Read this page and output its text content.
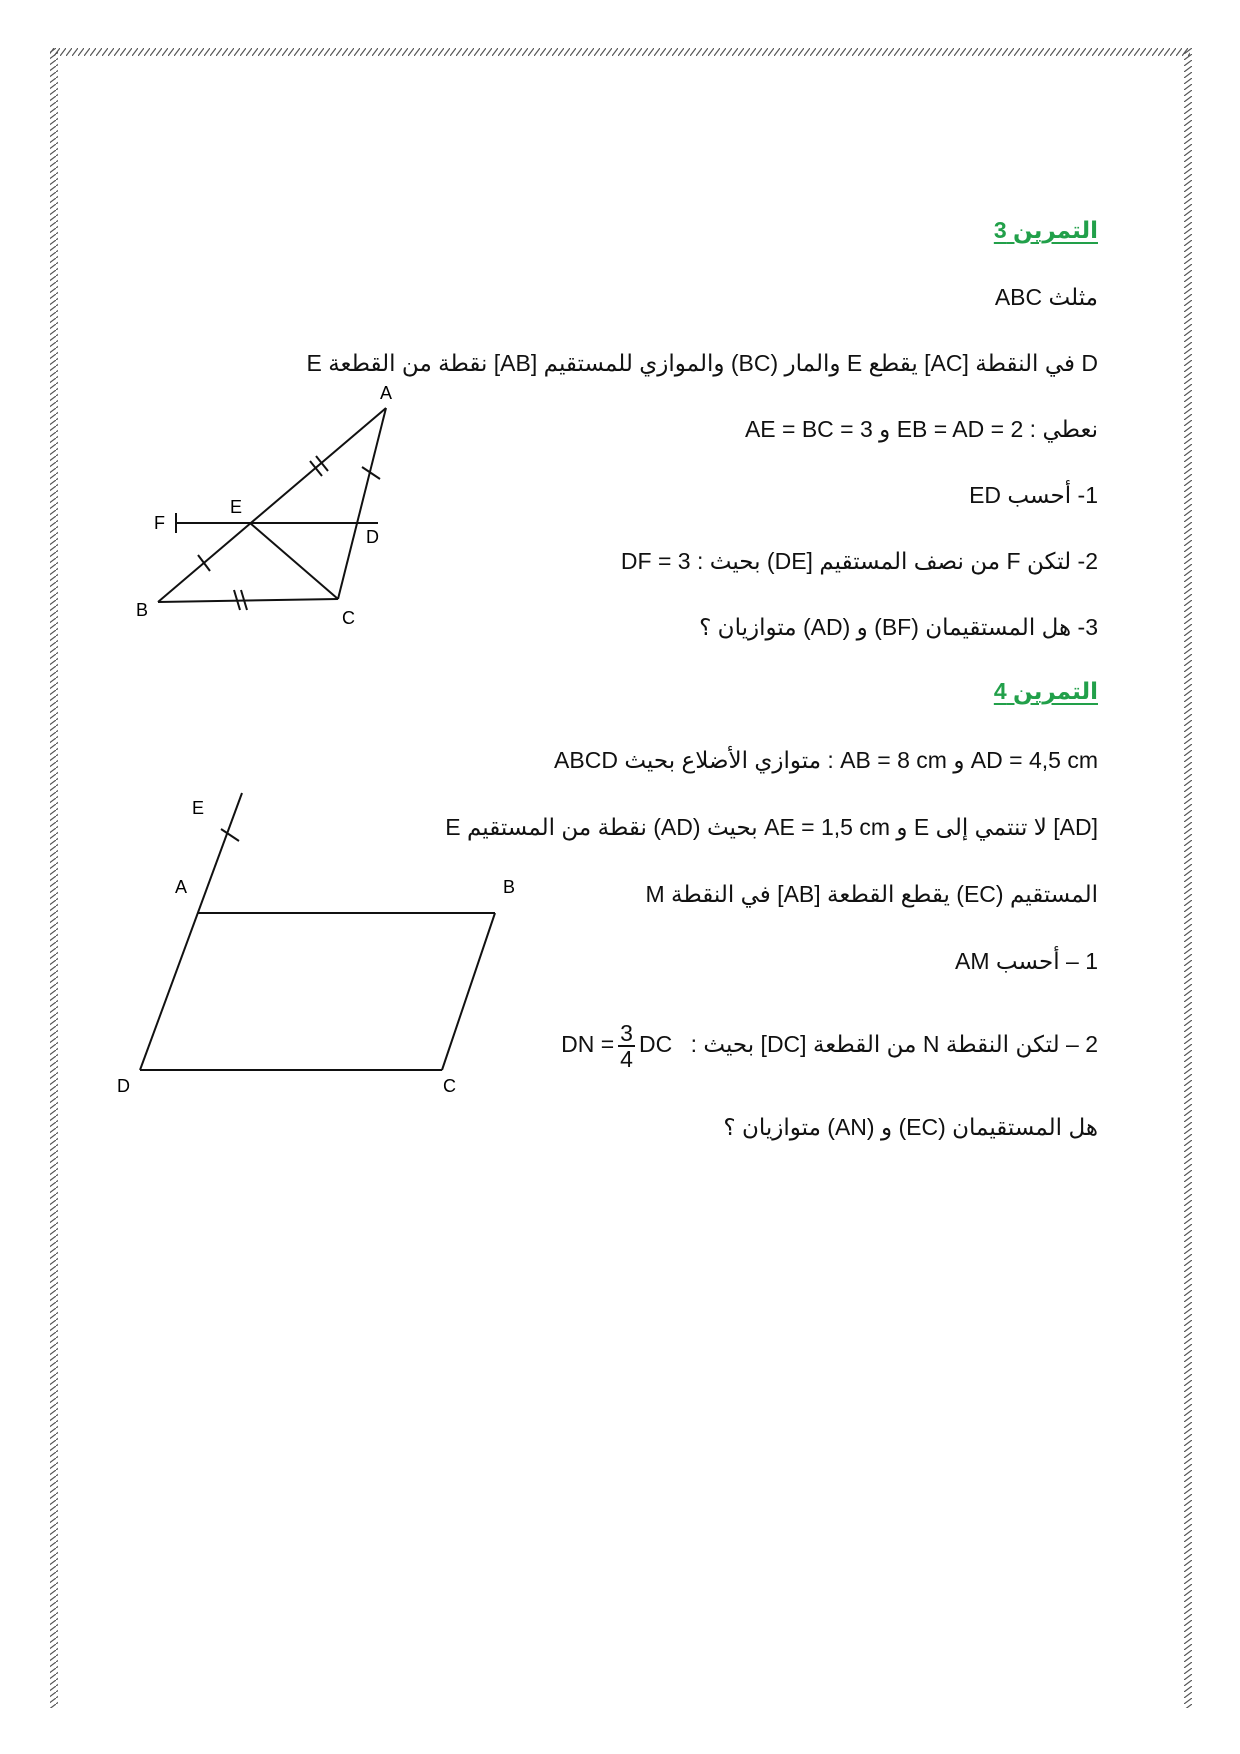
التمرين 3
ABC مثلث
E نقطة من القطعة [AB] والموازي للمستقيم (BC) والمار E يقطع [AC] في النقطة D
نعطي : EB = AD = 2 و AE = BC = 3
1- أحسب ED
2- لتكن F من نصف المستقيم [DE) بحيث : DF = 3
3- هل المستقيمان (BF) و (AD) متوازيان ؟
A
B	C
D
E
F
التمرين 4
ABCD متوازي الأضلاع بحيث : AB = 8 cm و AD = 4,5 cm
E نقطة من المستقيم (AD) بحيث AE = 1,5 cm و E لا تنتمي إلى [AD]
المستقيم (EC) يقطع القطعة [AB] في النقطة M
1 – أحسب AM
2 – لتكن النقطة N من القطعة [DC] بحيث : DN = $\frac{3}{4}$ DC
هل المستقيمان (EC) و (AN) متوازيان ؟
A	B
C
D
E
